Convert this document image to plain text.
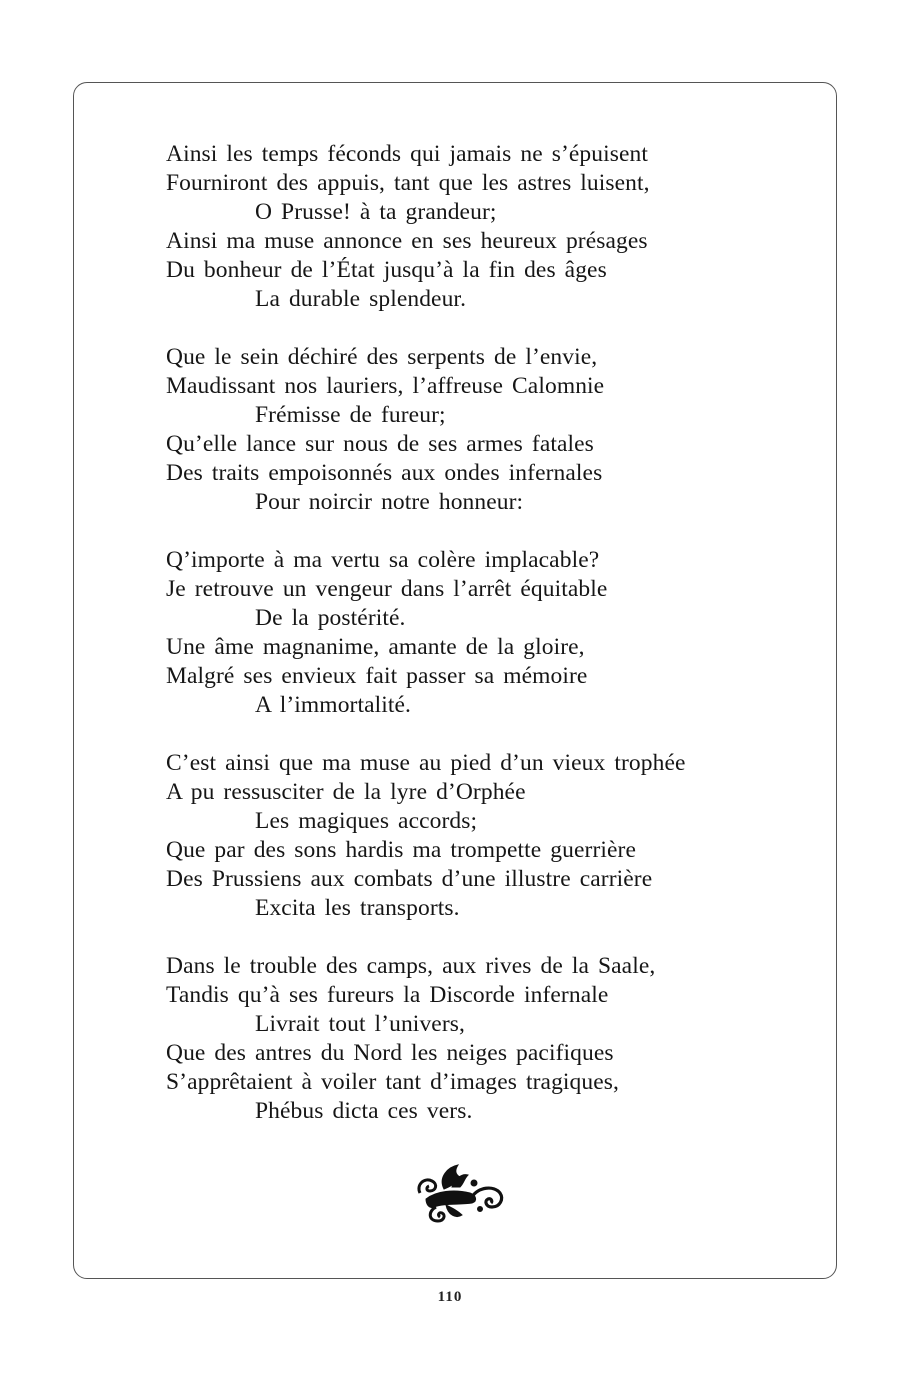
Ainsi les temps féconds qui jamais ne s’épuisent
Fourniront des appuis, tant que les astres luisent,
O Prusse! à ta grandeur;
Ainsi ma muse annonce en ses heureux présages
Du bonheur de l’État jusqu’à la fin des âges
La durable splendeur.
Que le sein déchiré des serpents de l’envie,
Maudissant nos lauriers, l’affreuse Calomnie
Frémisse de fureur;
Qu’elle lance sur nous de ses armes fatales
Des traits empoisonnés aux ondes infernales
Pour noircir notre honneur:
Q’importe à ma vertu sa colère implacable?
Je retrouve un vengeur dans l’arrêt équitable
De la postérité.
Une âme magnanime, amante de la gloire,
Malgré ses envieux fait passer sa mémoire
A l’immortalité.
C’est ainsi que ma muse au pied d’un vieux trophée
A pu ressusciter de la lyre d’Orphée
Les magiques accords;
Que par des sons hardis ma trompette guerrière
Des Prussiens aux combats d’une illustre carrière
Excita les transports.
Dans le trouble des camps, aux rives de la Saale,
Tandis qu’à ses fureurs la Discorde infernale
Livrait tout l’univers,
Que des antres du Nord les neiges pacifiques
S’apprêtaient à voiler tant d’images tragiques,
Phébus dicta ces vers.
110
